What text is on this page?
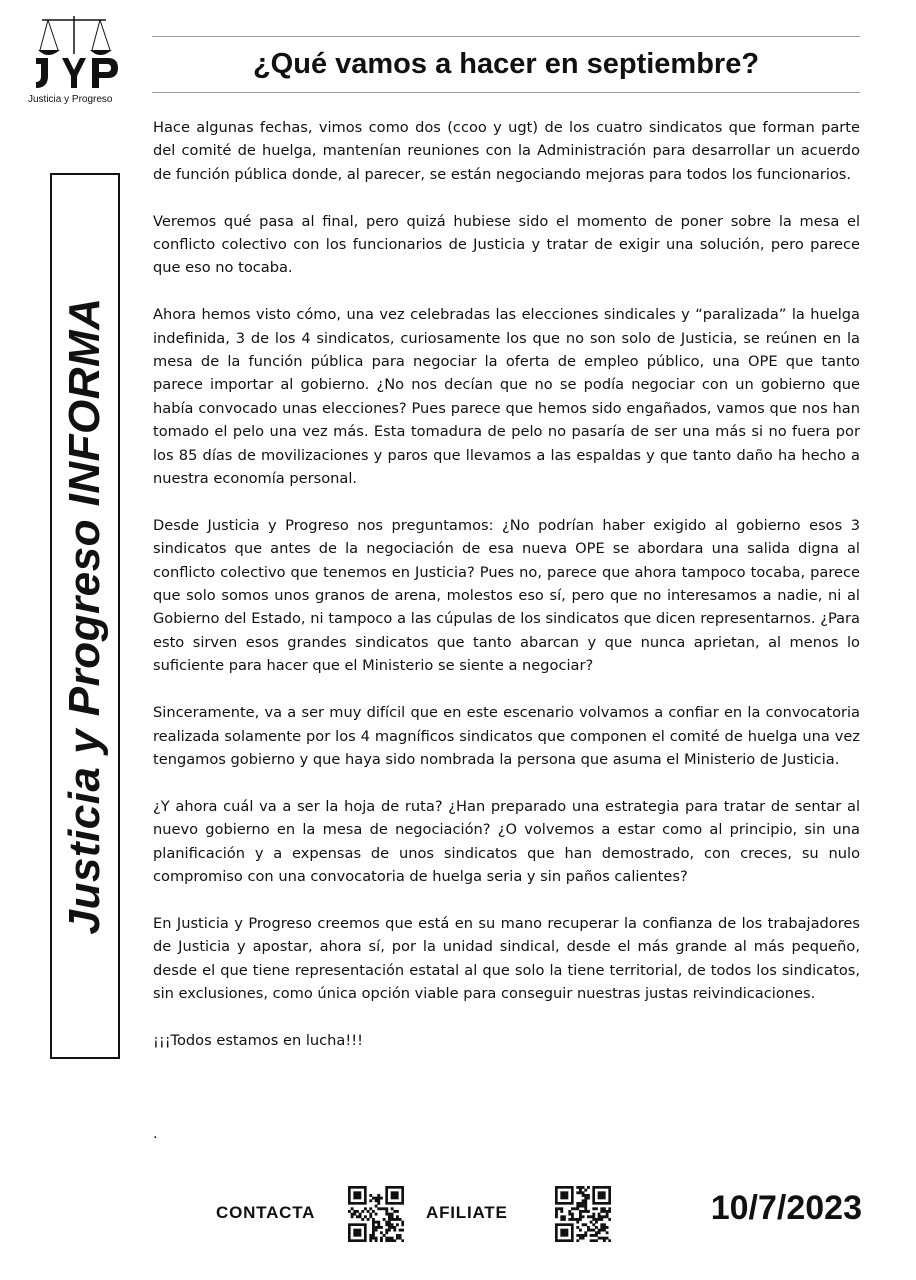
Justicia y Progreso
¿Qué vamos a hacer en septiembre?
Justicia y Progreso INFORMA

Hace algunas fechas, vimos como dos (ccoo y ugt) de los cuatro sindicatos que forman parte del comité de huelga, mantenían reuniones con la Administración para desarrollar un acuerdo de función pública donde, al parecer, se están negociando mejoras para todos los funcionarios.

Veremos qué pasa al final, pero quizá hubiese sido el momento de poner sobre la mesa el conflicto colectivo con los funcionarios de Justicia y tratar de exigir una solución, pero parece que eso no tocaba.

Ahora hemos visto cómo, una vez celebradas las elecciones sindicales y “paralizada” la huelga indefinida, 3 de los 4 sindicatos, curiosamente los que no son solo de Justicia, se reúnen en la mesa de la función pública para negociar la oferta de empleo público, una OPE que tanto parece importar al gobierno. ¿No nos decían que no se podía negociar con un gobierno que había convocado unas elecciones? Pues parece que hemos sido engañados, vamos que nos han tomado el pelo una vez más. Esta tomadura de pelo no pasaría de ser una más si no fuera por los 85 días de movilizaciones y paros que llevamos a las espaldas y que tanto daño ha hecho a nuestra economía personal.

Desde Justicia y Progreso nos preguntamos: ¿No podrían haber exigido al gobierno esos 3 sindicatos que antes de la negociación de esa nueva OPE se abordara una salida digna al conflicto colectivo que tenemos en Justicia? Pues no, parece que ahora tampoco tocaba, parece que solo somos unos granos de arena, molestos eso sí, pero que no interesamos a nadie, ni al Gobierno del Estado, ni tampoco a las cúpulas de los sindicatos que dicen representarnos. ¿Para esto sirven esos grandes sindicatos que tanto abarcan y que nunca aprietan, al menos lo suficiente para hacer que el Ministerio se siente a negociar?

Sinceramente, va a ser muy difícil que en este escenario volvamos a confiar en la convocatoria realizada solamente por los 4 magníficos sindicatos que componen el comité de huelga una vez tengamos gobierno y que haya sido nombrada la persona que asuma el Ministerio de Justicia.

¿Y ahora cuál va a ser la hoja de ruta? ¿Han preparado una estrategia para tratar de sentar al nuevo gobierno en la mesa de negociación? ¿O volvemos a estar como al principio, sin una planificación y a expensas de unos sindicatos que han demostrado, con creces, su nulo compromiso con una convocatoria de huelga seria y sin paños calientes?

En Justicia y Progreso creemos que está en su mano recuperar la confianza de los trabajadores de Justicia y apostar, ahora sí, por la unidad sindical, desde el más grande al más pequeño, desde el que tiene representación estatal al que solo la tiene territorial, de todos los sindicatos, sin exclusiones, como única opción viable para conseguir nuestras justas reivindicaciones.

¡¡¡Todos estamos en lucha!!!

.
CONTACTA	AFILIATE	10/7/2023
